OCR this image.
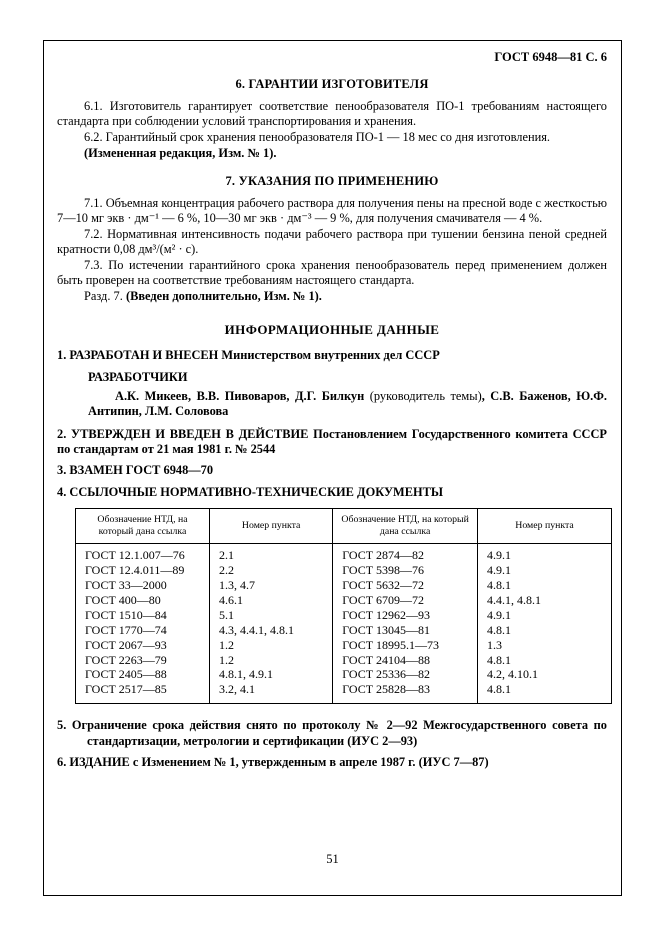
ГОСТ 6948—81 С. 6
6. ГАРАНТИИ ИЗГОТОВИТЕЛЯ

6.1. Изготовитель гарантирует соответствие пенообразователя ПО-1 требованиям настоящего стандарта при соблюдении условий транспортирования и хранения.

6.2. Гарантийный срок хранения пенообразователя ПО-1 — 18 мес со дня изготовления.

(Измененная редакция, Изм. № 1).

7. УКАЗАНИЯ ПО ПРИМЕНЕНИЮ

7.1. Объемная концентрация рабочего раствора для получения пены на пресной воде с жесткостью 7—10 мг экв · дм⁻¹ — 6 %, 10—30 мг экв · дм⁻³ — 9 %, для получения смачивателя — 4 %.

7.2. Нормативная интенсивность подачи рабочего раствора при тушении бензина пеной средней кратности 0,08 дм³/(м² · с).

7.3. По истечении гарантийного срока хранения пенообразователь перед применением должен быть проверен на соответствие требованиям настоящего стандарта.

Разд. 7. (Введен дополнительно, Изм. № 1).

ИНФОРМАЦИОННЫЕ ДАННЫЕ

1. РАЗРАБОТАН И ВНЕСЕН Министерством внутренних дел СССР

РАЗРАБОТЧИКИ

А.К. Микеев, В.В. Пивоваров, Д.Г. Билкун (руководитель темы), С.В. Баженов, Ю.Ф. Антипин, Л.М. Соловова

2. УТВЕРЖДЕН И ВВЕДЕН В ДЕЙСТВИЕ Постановлением Государственного комитета СССР по стандартам от 21 мая 1981 г. № 2544

3. ВЗАМЕН ГОСТ 6948—70

4. ССЫЛОЧНЫЕ НОРМАТИВНО-ТЕХНИЧЕСКИЕ ДОКУМЕНТЫ

Обозначение НТД, на который дана ссылка	Номер пункта	Обозначение НТД, на который дана ссылка	Номер пункта
ГОСТ 12.1.007—76	2.1	ГОСТ 2874—82	4.9.1
ГОСТ 12.4.011—89	2.2	ГОСТ 5398—76	4.9.1
ГОСТ 33—2000	1.3, 4.7	ГОСТ 5632—72	4.8.1
ГОСТ 400—80	4.6.1	ГОСТ 6709—72	4.4.1, 4.8.1
ГОСТ 1510—84	5.1	ГОСТ 12962—93	4.9.1
ГОСТ 1770—74	4.3, 4.4.1, 4.8.1	ГОСТ 13045—81	4.8.1
ГОСТ 2067—93	1.2	ГОСТ 18995.1—73	1.3
ГОСТ 2263—79	1.2	ГОСТ 24104—88	4.8.1
ГОСТ 2405—88	4.8.1, 4.9.1	ГОСТ 25336—82	4.2, 4.10.1
ГОСТ 2517—85	3.2, 4.1	ГОСТ 25828—83	4.8.1

5. Ограничение срока действия снято по протоколу № 2—92 Межгосударственного совета по стандартизации, метрологии и сертификации (ИУС 2—93)

6. ИЗДАНИЕ с Изменением № 1, утвержденным в апреле 1987 г. (ИУС 7—87)

51
